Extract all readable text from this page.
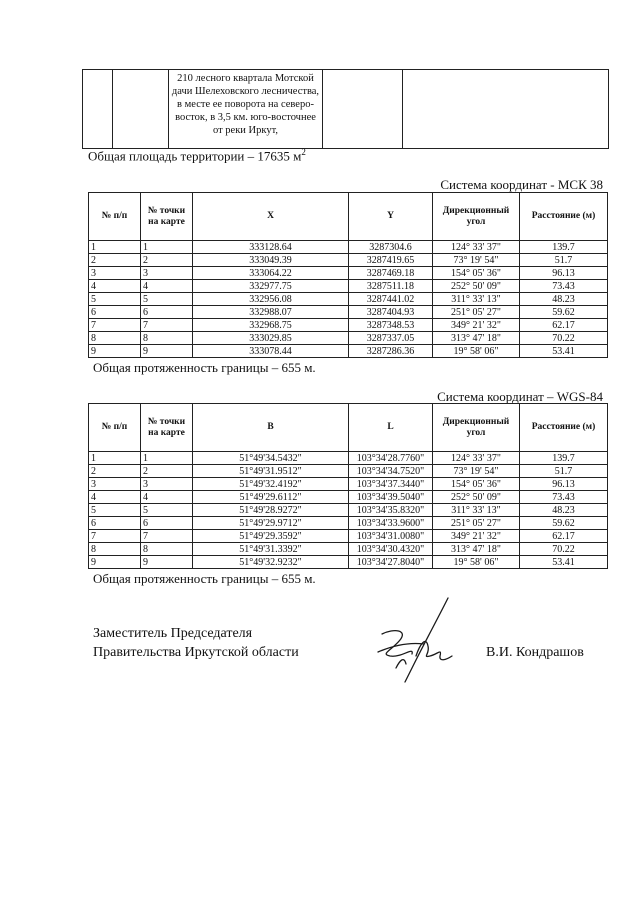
		210 лесного квартала Мотской дачи Шелеховского лесничества, в месте ее поворота на северо-восток, в 3,5 км. юго-восточнее от реки Иркут,		
Общая площадь территории – 17635 $м^2$
Система координат - МСК 38
№ п/п	№ точки на карте	X	Y	Дирекционный угол	Расстояние (м)
1	1	333128.64	3287304.6	124° 33' 37"	139.7
2	2	333049.39	3287419.65	73° 19' 54"	51.7
3	3	333064.22	3287469.18	154° 05' 36"	96.13
4	4	332977.75	3287511.18	252° 50' 09"	73.43
5	5	332956.08	3287441.02	311° 33' 13"	48.23
6	6	332988.07	3287404.93	251° 05' 27"	59.62
7	7	332968.75	3287348.53	349° 21' 32"	62.17
8	8	333029.85	3287337.05	313° 47' 18"	70.22
9	9	333078.44	3287286.36	19° 58' 06"	53.41
Общая протяженность границы – 655 м.
Система координат – WGS-84
№ п/п	№ точки на карте	B	L	Дирекционный угол	Расстояние (м)
1	1	51°49'34.5432"	103°34'28.7760"	124° 33' 37"	139.7
2	2	51°49'31.9512"	103°34'34.7520"	73° 19' 54"	51.7
3	3	51°49'32.4192"	103°34'37.3440"	154° 05' 36"	96.13
4	4	51°49'29.6112"	103°34'39.5040"	252° 50' 09"	73.43
5	5	51°49'28.9272"	103°34'35.8320"	311° 33' 13"	48.23
6	6	51°49'29.9712"	103°34'33.9600"	251° 05' 27"	59.62
7	7	51°49'29.3592"	103°34'31.0080"	349° 21' 32"	62.17
8	8	51°49'31.3392"	103°34'30.4320"	313° 47' 18"	70.22
9	9	51°49'32.9232"	103°34'27.8040"	19° 58' 06"	53.41
Общая протяженность границы – 655 м.
Заместитель Председателя
Правительства Иркутской области	В.И. Кондрашов
